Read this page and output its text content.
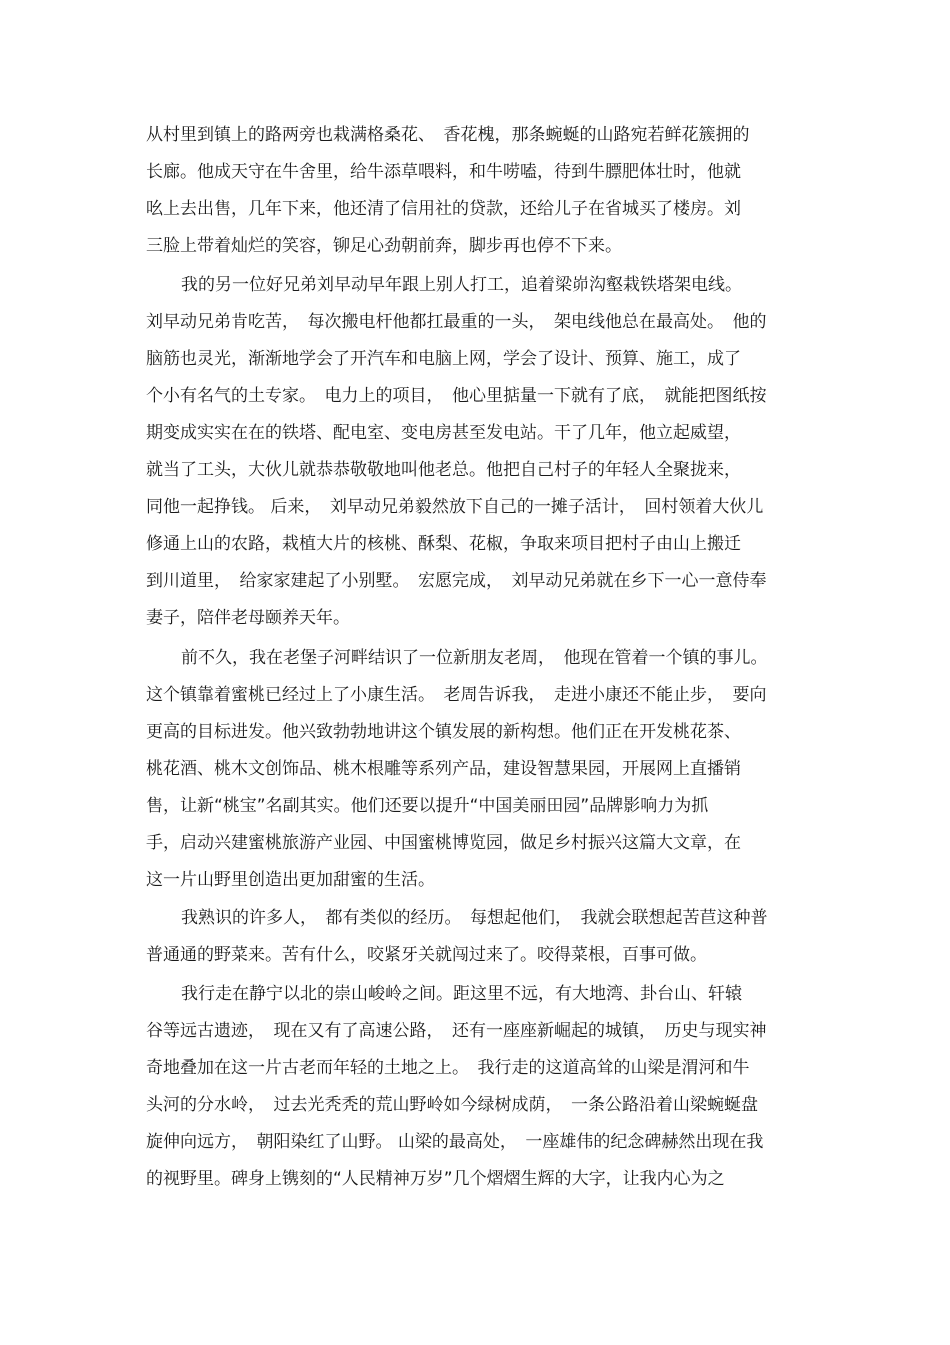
从村里到镇上的路两旁也栽满格桑花、　香花槐，那条蜿蜒的山路宛若鲜花簇拥的
长廊。他成天守在牛舍里，给牛添草喂料，和牛唠嗑，待到牛膘肥体壮时，他就
吆上去出售，几年下来，他还清了信用社的贷款，还给儿子在省城买了楼房。刘
三脸上带着灿烂的笑容，铆足心劲朝前奔，脚步再也停不下来。
我的另一位好兄弟刘早动早年跟上别人打工，追着梁峁沟壑栽铁塔架电线。
刘早动兄弟肯吃苦，　每次搬电杆他都扛最重的一头，　架电线他总在最高处。　他的
脑筋也灵光，渐渐地学会了开汽车和电脑上网，学会了设计、预算、施工，成了
个小有名气的土专家。　电力上的项目，　他心里掂量一下就有了底，　就能把图纸按
期变成实实在在的铁塔、配电室、变电房甚至发电站。干了几年，他立起威望，
就当了工头，大伙儿就恭恭敬敬地叫他老总。他把自己村子的年轻人全聚拢来，
同他一起挣钱。 后来，　刘早动兄弟毅然放下自己的一摊子活计，　回村领着大伙儿
修通上山的农路，栽植大片的核桃、酥梨、花椒，争取来项目把村子由山上搬迁
到川道里，　给家家建起了小别墅。　宏愿完成，　刘早动兄弟就在乡下一心一意侍奉
妻子，陪伴老母颐养天年。
前不久，我在老堡子河畔结识了一位新朋友老周，　他现在管着一个镇的事儿。
这个镇靠着蜜桃已经过上了小康生活。　老周告诉我，　走进小康还不能止步，　要向
更高的目标进发。他兴致勃勃地讲这个镇发展的新构想。他们正在开发桃花茶、
桃花酒、桃木文创饰品、桃木根雕等系列产品，建设智慧果园，开展网上直播销
售，让新“桃宝”名副其实。他们还要以提升“中国美丽田园”品牌影响力为抓
手，启动兴建蜜桃旅游产业园、中国蜜桃博览园，做足乡村振兴这篇大文章，在
这一片山野里创造出更加甜蜜的生活。
我熟识的许多人，　都有类似的经历。　每想起他们，　我就会联想起苦苣这种普
普通通的野菜来。苦有什么，咬紧牙关就闯过来了。咬得菜根，百事可做。
我行走在静宁以北的崇山峻岭之间。距这里不远，有大地湾、卦台山、轩辕
谷等远古遗迹，　现在又有了高速公路，　还有一座座新崛起的城镇，　历史与现实神
奇地叠加在这一片古老而年轻的土地之上。　我行走的这道高耸的山梁是渭河和牛
头河的分水岭，　过去光秃秃的荒山野岭如今绿树成荫，　一条公路沿着山梁蜿蜒盘
旋伸向远方，　朝阳染红了山野。 山梁的最高处，　一座雄伟的纪念碑赫然出现在我
的视野里。碑身上镌刻的“人民精神万岁”几个熠熠生辉的大字，让我内心为之
